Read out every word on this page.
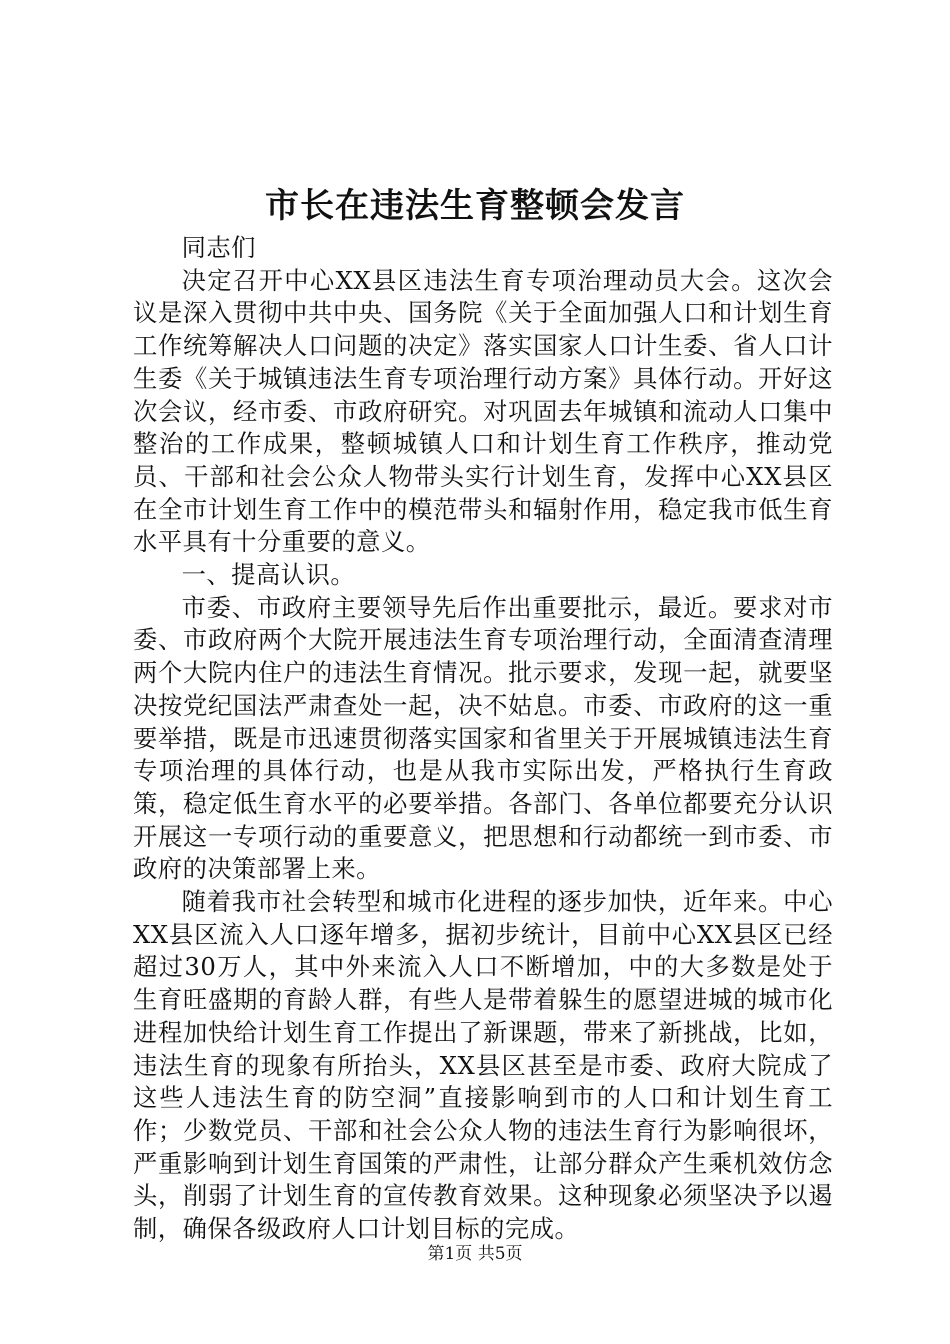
市长在违法生育整顿会发言

同志们

决定召开中心XX县区违法生育专项治理动员大会。这次会议是深入贯彻中共中央、国务院《关于全面加强人口和计划生育工作统筹解决人口问题的决定》落实国家人口计生委、省人口计生委《关于城镇违法生育专项治理行动方案》具体行动。开好这次会议，经市委、市政府研究。对巩固去年城镇和流动人口集中整治的工作成果，整顿城镇人口和计划生育工作秩序，推动党员、干部和社会公众人物带头实行计划生育，发挥中心XX县区在全市计划生育工作中的模范带头和辐射作用，稳定我市低生育水平具有十分重要的意义。

一、提高认识。

市委、市政府主要领导先后作出重要批示，最近。要求对市委、市政府两个大院开展违法生育专项治理行动，全面清查清理两个大院内住户的违法生育情况。批示要求，发现一起，就要坚决按党纪国法严肃查处一起，决不姑息。市委、市政府的这一重要举措，既是市迅速贯彻落实国家和省里关于开展城镇违法生育专项治理的具体行动，也是从我市实际出发，严格执行生育政策，稳定低生育水平的必要举措。各部门、各单位都要充分认识开展这一专项行动的重要意义，把思想和行动都统一到市委、市政府的决策部署上来。

随着我市社会转型和城市化进程的逐步加快，近年来。中心XX县区流入人口逐年增多，据初步统计，目前中心XX县区已经超过30万人，其中外来流入人口不断增加，中的大多数是处于生育旺盛期的育龄人群，有些人是带着躲生的愿望进城的城市化进程加快给计划生育工作提出了新课题，带来了新挑战，比如，违法生育的现象有所抬头，XX县区甚至是市委、政府大院成了这些人违法生育的防空洞”直接影响到市的人口和计划生育工作；少数党员、干部和社会公众人物的违法生育行为影响很坏，严重影响到计划生育国策的严肃性，让部分群众产生乘机效仿念头，削弱了计划生育的宣传教育效果。这种现象必须坚决予以遏制，确保各级政府人口计划目标的完成。

第1页 共5页
